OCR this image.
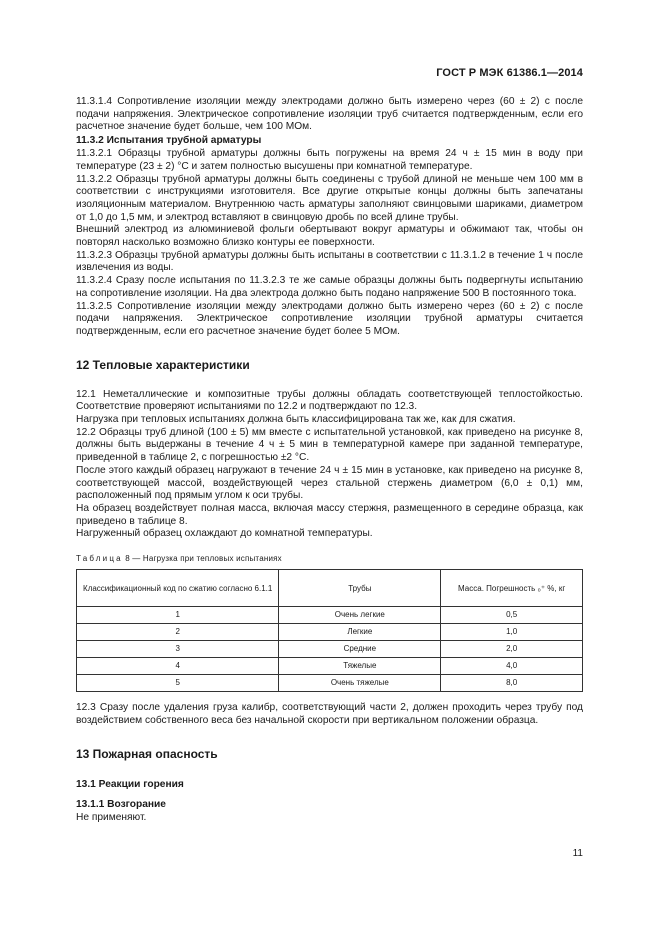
ГОСТ Р МЭК 61386.1—2014

11.3.1.4 Сопротивление изоляции между электродами должно быть измерено через (60 ± 2) с после подачи напряжения. Электрическое сопротивление изоляции труб считается подтвержденным, если его расчетное значение будет больше, чем 100 МОм.

11.3.2 Испытания трубной арматуры

11.3.2.1 Образцы трубной арматуры должны быть погружены на время 24 ч ± 15 мин в воду при температуре (23 ± 2) °С и затем полностью высушены при комнатной температуре.

11.3.2.2 Образцы трубной арматуры должны быть соединены с трубой длиной не меньше чем 100 мм в соответствии с инструкциями изготовителя. Все другие открытые концы должны быть запечатаны изоляционным материалом. Внутреннюю часть арматуры заполняют свинцовыми шариками, диаметром от 1,0 до 1,5 мм, и электрод вставляют в свинцовую дробь по всей длине трубы.

Внешний электрод из алюминиевой фольги обертывают вокруг арматуры и обжимают так, чтобы он повторял насколько возможно близко контуры ее поверхности.

11.3.2.3 Образцы трубной арматуры должны быть испытаны в соответствии с 11.3.1.2 в течение 1 ч после извлечения из воды.

11.3.2.4 Сразу после испытания по 11.3.2.3 те же самые образцы должны быть подвергнуты испытанию на сопротивление изоляции. На два электрода должно быть подано напряжение 500 В постоянного тока.

11.3.2.5 Сопротивление изоляции между электродами должно быть измерено через (60 ± 2) с после подачи напряжения. Электрическое сопротивление изоляции трубной арматуры считается подтвержденным, если его расчетное значение будет более 5 МОм.

12 Тепловые характеристики

12.1 Неметаллические и композитные трубы должны обладать соответствующей теплостойкостью. Соответствие проверяют испытаниями по 12.2 и подтверждают по 12.3.

Нагрузка при тепловых испытаниях должна быть классифицирована так же, как для сжатия.

12.2 Образцы труб длиной (100 ± 5) мм вместе с испытательной установкой, как приведено на рисунке 8, должны быть выдержаны в течение 4 ч ± 5 мин в температурной камере при заданной температуре, приведенной в таблице 2, с погрешностью ±2 °С.

После этого каждый образец нагружают в течение 24 ч ± 15 мин в установке, как приведено на рисунке 8, соответствующей массой, воздействующей через стальной стержень диаметром (6,0 ± 0,1) мм, расположенный под прямым углом к оси трубы.

На образец воздействует полная масса, включая массу стержня, размещенного в середине образца, как приведено в таблице 8.

Нагруженный образец охлаждают до комнатной температуры.

Таблица 8 — Нагрузка при тепловых испытаниях
Классификационный код по сжатию согласно 6.1.1	Трубы	Масса. Погрешность ₀⁺ %, кг
1	Очень легкие	0,5
2	Легкие	1,0
3	Средние	2,0
4	Тяжелые	4,0
5	Очень тяжелые	8,0

12.3 Сразу после удаления груза калибр, соответствующий части 2, должен проходить через трубу под воздействием собственного веса без начальной скорости при вертикальном положении образца.

13 Пожарная опасность
13.1 Реакции горения
13.1.1 Возгорание

Не применяют.

11
